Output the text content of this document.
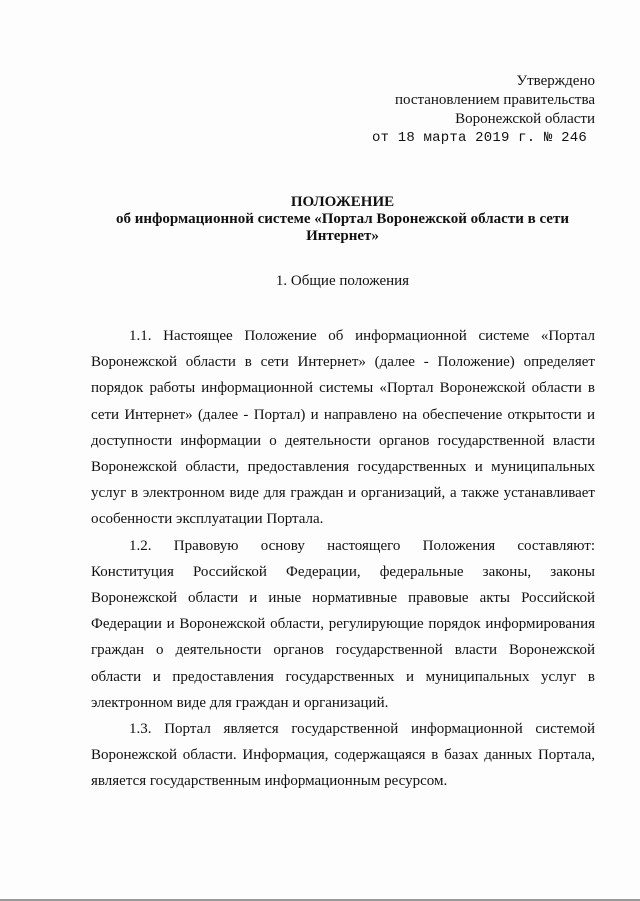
Утверждено
постановлением правительства
Воронежской области
от 18 марта 2019 г. № 246
ПОЛОЖЕНИЕ
об информационной системе «Портал Воронежской области в сети Интернет»
1. Общие положения

1.1. Настоящее Положение об информационной системе «Портал
Воронежской области в сети Интернет» (далее - Положение) определяет
порядок работы информационной системы «Портал Воронежской области в
сети Интернет» (далее - Портал) и направлено на обеспечение открытости и
доступности информации о деятельности органов государственной власти
Воронежской области, предоставления государственных и муниципальных
услуг в электронном виде для граждан и организаций, а также устанавливает
особенности эксплуатации Портала.

1.2. Правовую основу настоящего Положения составляют:
Конституция Российской Федерации, федеральные законы, законы
Воронежской области и иные нормативные правовые акты Российской
Федерации и Воронежской области, регулирующие порядок информирования
граждан о деятельности органов государственной власти Воронежской
области и предоставления государственных и муниципальных услуг в
электронном виде для граждан и организаций.

1.3. Портал является государственной информационной системой
Воронежской области. Информация, содержащаяся в базах данных Портала,
является государственным информационным ресурсом.
